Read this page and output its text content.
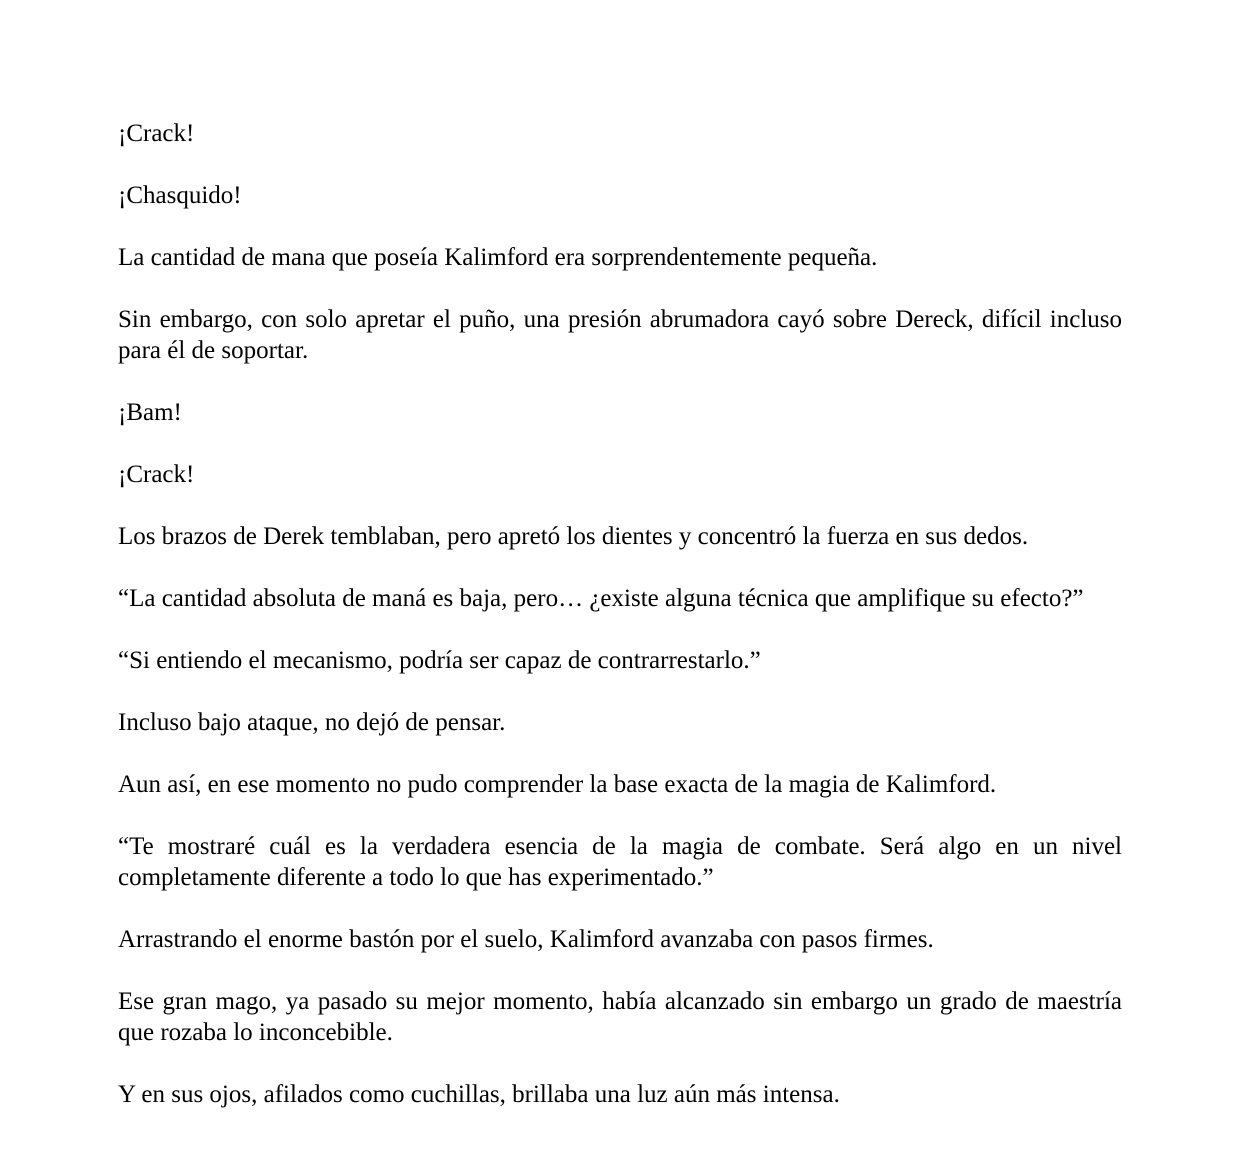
¡Crack!

¡Chasquido!

La cantidad de mana que poseía Kalimford era sorprendentemente pequeña.

Sin embargo, con solo apretar el puño, una presión abrumadora cayó sobre Dereck, difícil incluso para él de soportar.

¡Bam!

¡Crack!

Los brazos de Derek temblaban, pero apretó los dientes y concentró la fuerza en sus dedos.

“La cantidad absoluta de maná es baja, pero… ¿existe alguna técnica que amplifique su efecto?”

“Si entiendo el mecanismo, podría ser capaz de contrarrestarlo.”

Incluso bajo ataque, no dejó de pensar.

Aun así, en ese momento no pudo comprender la base exacta de la magia de Kalimford.

“Te mostraré cuál es la verdadera esencia de la magia de combate. Será algo en un nivel completamente diferente a todo lo que has experimentado.”

Arrastrando el enorme bastón por el suelo, Kalimford avanzaba con pasos firmes.

Ese gran mago, ya pasado su mejor momento, había alcanzado sin embargo un grado de maestría que rozaba lo inconcebible.

Y en sus ojos, afilados como cuchillas, brillaba una luz aún más intensa.
